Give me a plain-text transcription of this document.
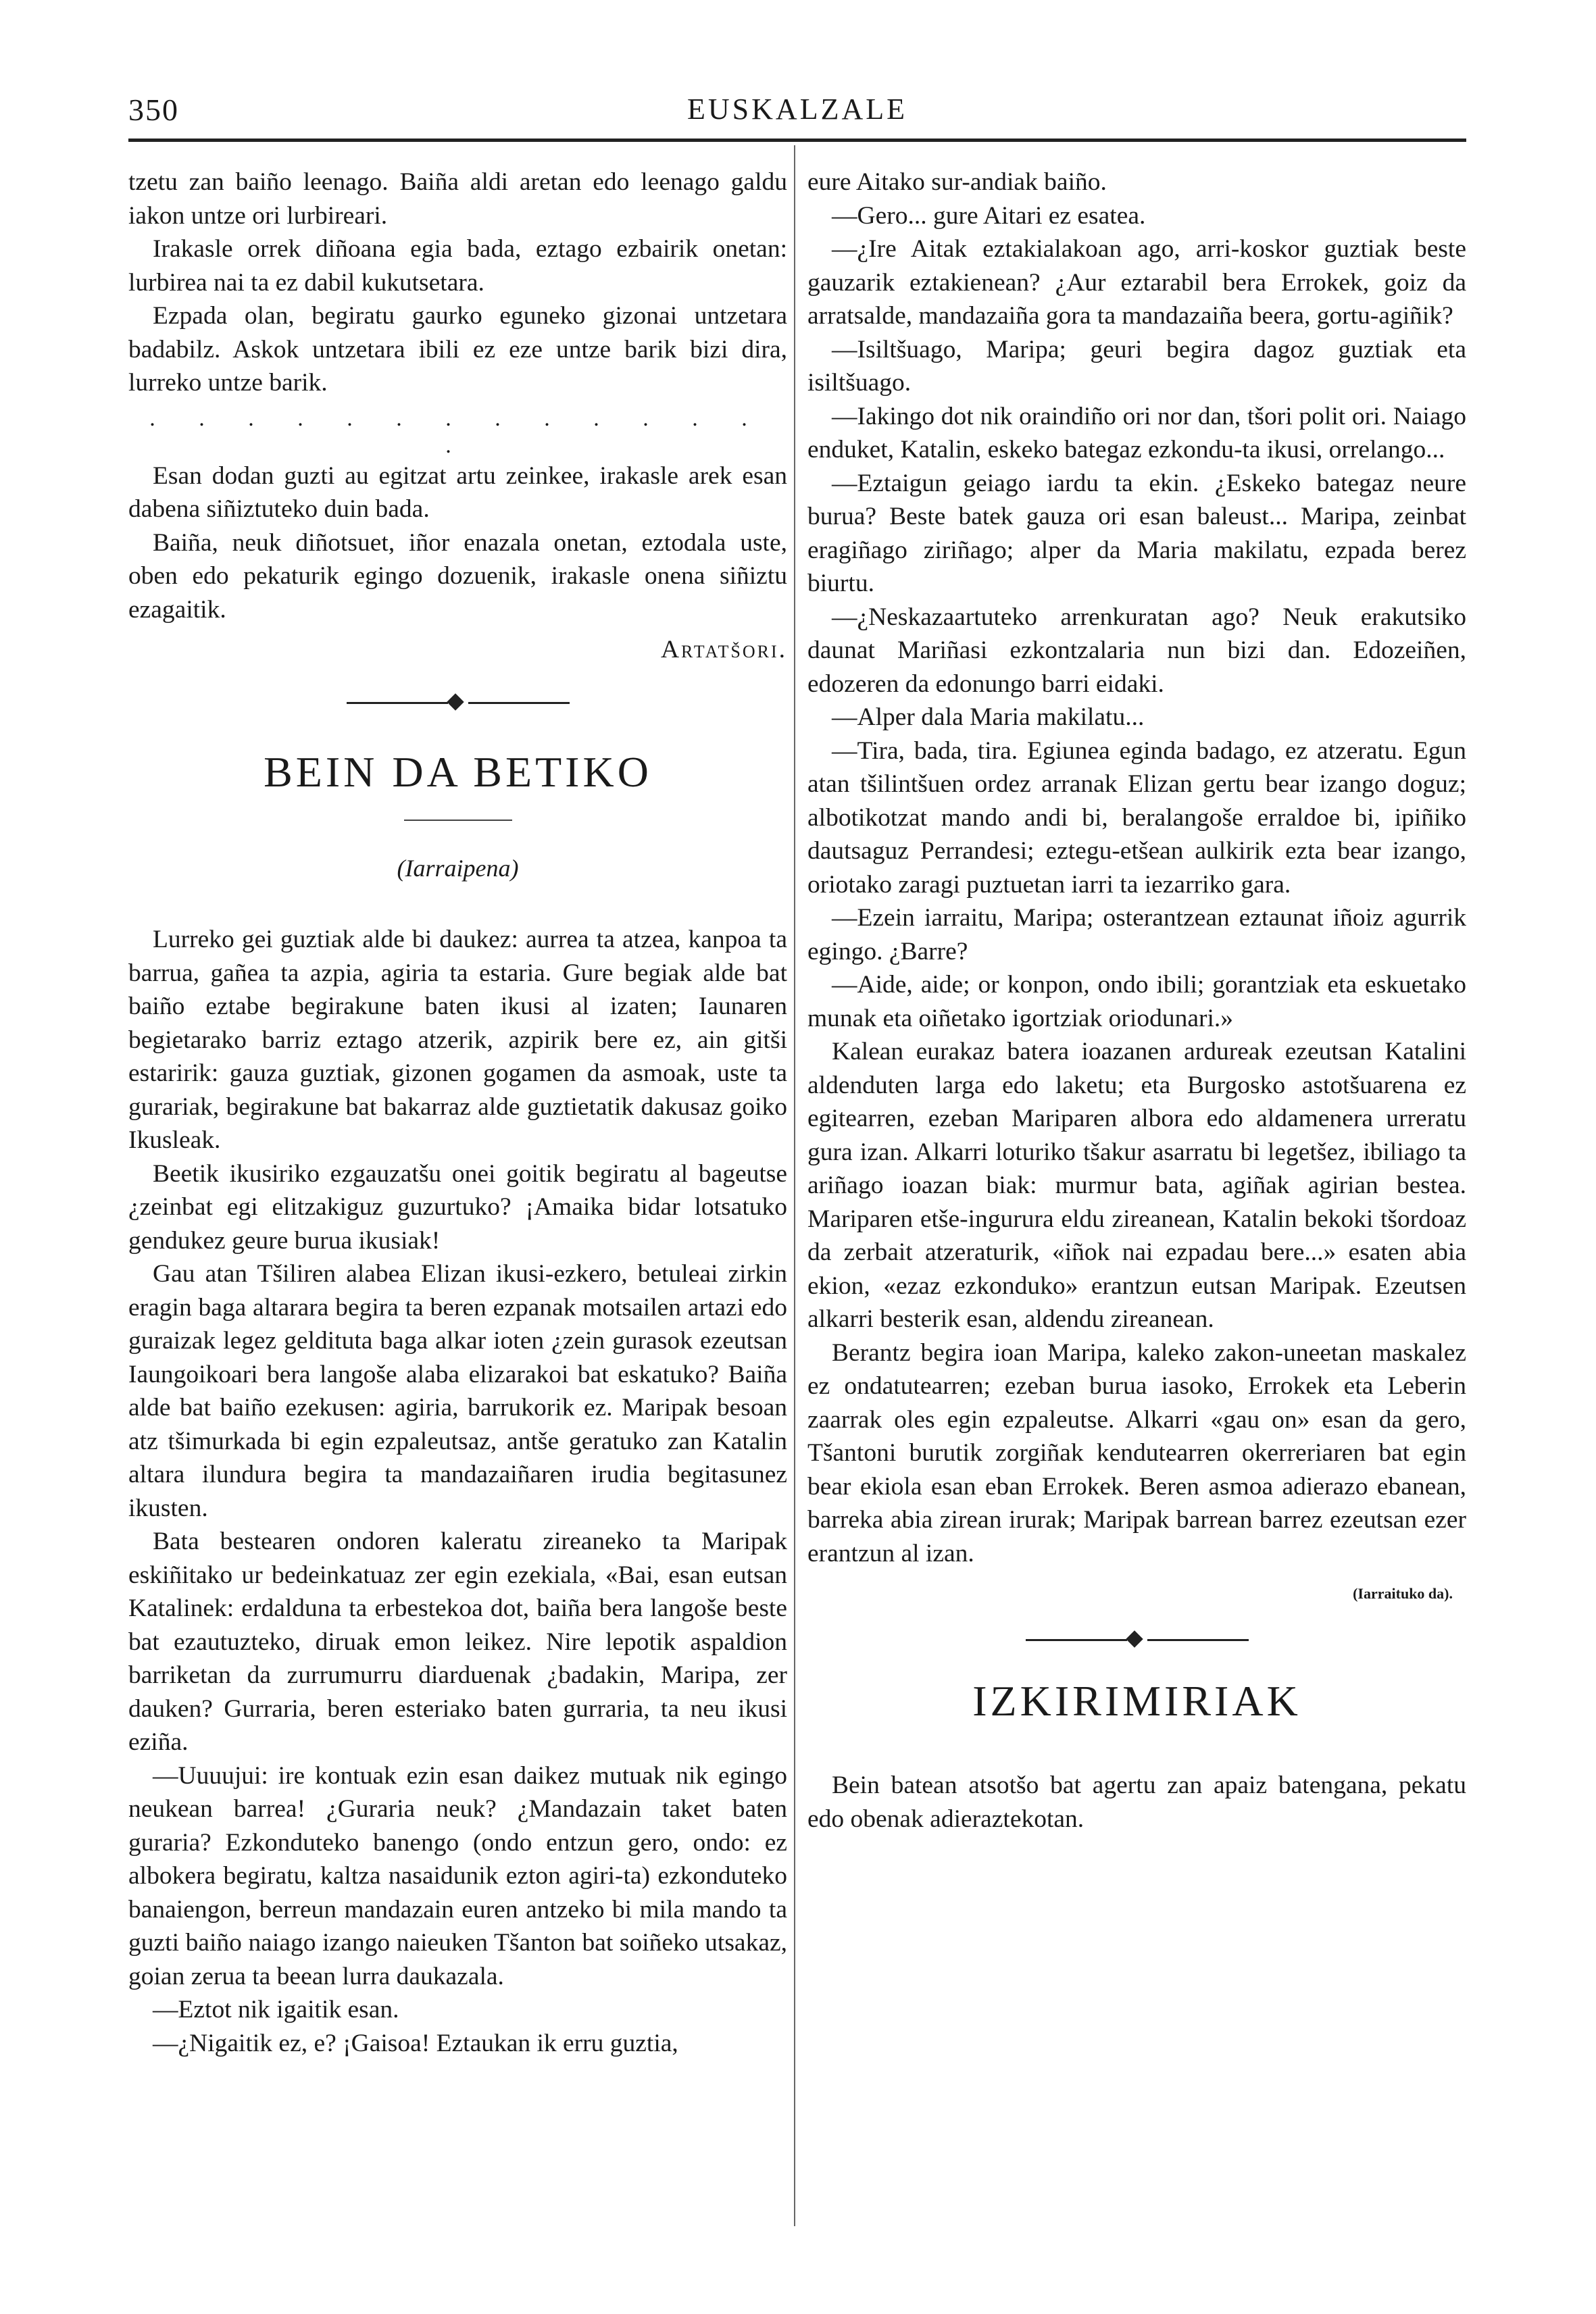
350	EUSKALZALE

tzetu zan baiño leenago. Baiña aldi aretan edo leenago galdu iakon untze ori lurbireari.

Irakasle orrek diñoana egia bada, eztago ezbairik onetan: lurbirea nai ta ez dabil kukutsetara.

Ezpada olan, begiratu gaurko eguneko gizonai untzetara badabilz. Askok untzetara ibili ez eze untze barik bizi dira, lurreko untze barik.

. . . . . . . . . . . . . .

Esan dodan guzti au egitzat artu zeinkee, irakasle arek esan dabena siñiztuteko duin bada.

Baiña, neuk diñotsuet, iñor enazala onetan, eztodala uste, oben edo pekaturik egingo dozuenik, irakasle onena siñiztu ezagaitik.

Artatšori.
BEIN DA BETIKO
(Iarraipena)

Lurreko gei guztiak alde bi daukez: aurrea ta atzea, kanpoa ta barrua, gañea ta azpia, agiria ta estaria. Gure begiak alde bat baiño eztabe begirakune baten ikusi al izaten; Iaunaren begietarako barriz eztago atzerik, azpirik bere ez, ain gitši estaririk: gauza guztiak, gizonen gogamen da asmoak, uste ta gurariak, begirakune bat bakarraz alde guztietatik dakusaz goiko Ikusleak.

Beetik ikusiriko ezgauzatšu onei goitik begiratu al bageutse ¿zeinbat egi elitzakiguz guzurtuko? ¡Amaika bidar lotsatuko gendukez geure burua ikusiak!

Gau atan Tšiliren alabea Elizan ikusi-ezkero, betuleai zirkin eragin baga altarara begira ta beren ezpanak motsailen artazi edo guraizak legez geldituta baga alkar ioten ¿zein gurasok ezeutsan Iaungoikoari bera langoše alaba elizarakoi bat eskatuko? Baiña alde bat baiño ezekusen: agiria, barrukorik ez. Maripak besoan atz tšimurkada bi egin ezpaleutsaz, antše geratuko zan Katalin altara ilundura begira ta mandazaiñaren irudia begitasunez ikusten.

Bata bestearen ondoren kaleratu zireaneko ta Maripak eskiñitako ur bedeinkatuaz zer egin ezekiala, «Bai, esan eutsan Katalinek: erdalduna ta erbestekoa dot, baiña bera langoše beste bat ezautuzteko, diruak emon leikez. Nire lepotik aspaldion barriketan da zurrumurru diarduenak ¿badakin, Maripa, zer dauken? Gurraria, beren esteriako baten gurraria, ta neu ikusi eziña.

—Uuuujui: ire kontuak ezin esan daikez mutuak nik egingo neukean barrea! ¿Guraria neuk? ¿Mandazain taket baten guraria? Ezkonduteko banengo (ondo entzun gero, ondo: ez albokera begiratu, kaltza nasaidunik ezton agiri-ta) ezkonduteko banaiengon, berreun mandazain euren antzeko bi mila mando ta guzti baiño naiago izango naieuken Tšanton bat soiñeko utsakaz, goian zerua ta beean lurra daukazala.

—Eztot nik igaitik esan.

—¿Nigaitik ez, e? ¡Gaisoa! Eztaukan ik erru guztia,

eure Aitako sur-andiak baiño.

—Gero... gure Aitari ez esatea.

—¿Ire Aitak eztakialakoan ago, arri-koskor guztiak beste gauzarik eztakienean? ¿Aur eztarabil bera Errokek, goiz da arratsalde, mandazaiña gora ta mandazaiña beera, gortu-agiñik?

—Isiltšuago, Maripa; geuri begira dagoz guztiak eta isiltšuago.

—Iakingo dot nik oraindiño ori nor dan, tšori polit ori. Naiago enduket, Katalin, eskeko bategaz ezkondu-ta ikusi, orrelango...

—Eztaigun geiago iardu ta ekin. ¿Eskeko bategaz neure burua? Beste batek gauza ori esan baleust... Maripa, zeinbat eragiñago ziriñago; alper da Maria makilatu, ezpada berez biurtu.

—¿Neskazaartuteko arrenkuratan ago? Neuk erakutsiko daunat Mariñasi ezkontzalaria nun bizi dan. Edozeiñen, edozeren da edonungo barri eidaki.

—Alper dala Maria makilatu...

—Tira, bada, tira. Egiunea eginda badago, ez atzeratu. Egun atan tšilintšuen ordez arranak Elizan gertu bear izango doguz; albotikotzat mando andi bi, beralangoše erraldoe bi, ipiñiko dautsaguz Perrandesi; eztegu-etšean aulkirik ezta bear izango, oriotako zaragi puztuetan iarri ta iezarriko gara.

—Ezein iarraitu, Maripa; osterantzean eztaunat iñoiz agurrik egingo. ¿Barre?

—Aide, aide; or konpon, ondo ibili; gorantziak eta eskuetako munak eta oiñetako igortziak oriodunari.»

Kalean eurakaz batera ioazanen ardureak ezeutsan Katalini aldenduten larga edo laketu; eta Burgosko astotšuarena ez egitearren, ezeban Mariparen albora edo aldamenera urreratu gura izan. Alkarri loturiko tšakur asarratu bi legetšez, ibiliago ta ariñago ioazan biak: murmur bata, agiñak agirian bestea. Mariparen etše-ingurura eldu zireanean, Katalin bekoki tšordoaz da zerbait atzeraturik, «iñok nai ezpadau bere...» esaten abia ekion, «ezaz ezkonduko» erantzun eutsan Maripak. Ezeutsen alkarri besterik esan, aldendu zireanean.

Berantz begira ioan Maripa, kaleko zakon-uneetan maskalez ez ondatutearren; ezeban burua iasoko, Errokek eta Leberin zaarrak oles egin ezpaleutse. Alkarri «gau on» esan da gero, Tšantoni burutik zorgiñak kendutearren okerreriaren bat egin bear ekiola esan eban Errokek. Beren asmoa adierazo ebanean, barreka abia zirean irurak; Maripak barrean barrez ezeutsan ezer erantzun al izan.

(Iarraituko da).
IZKIRIMIRIAK

Bein batean atsotšo bat agertu zan apaiz batengana, pekatu edo obenak adieraztekotan.
